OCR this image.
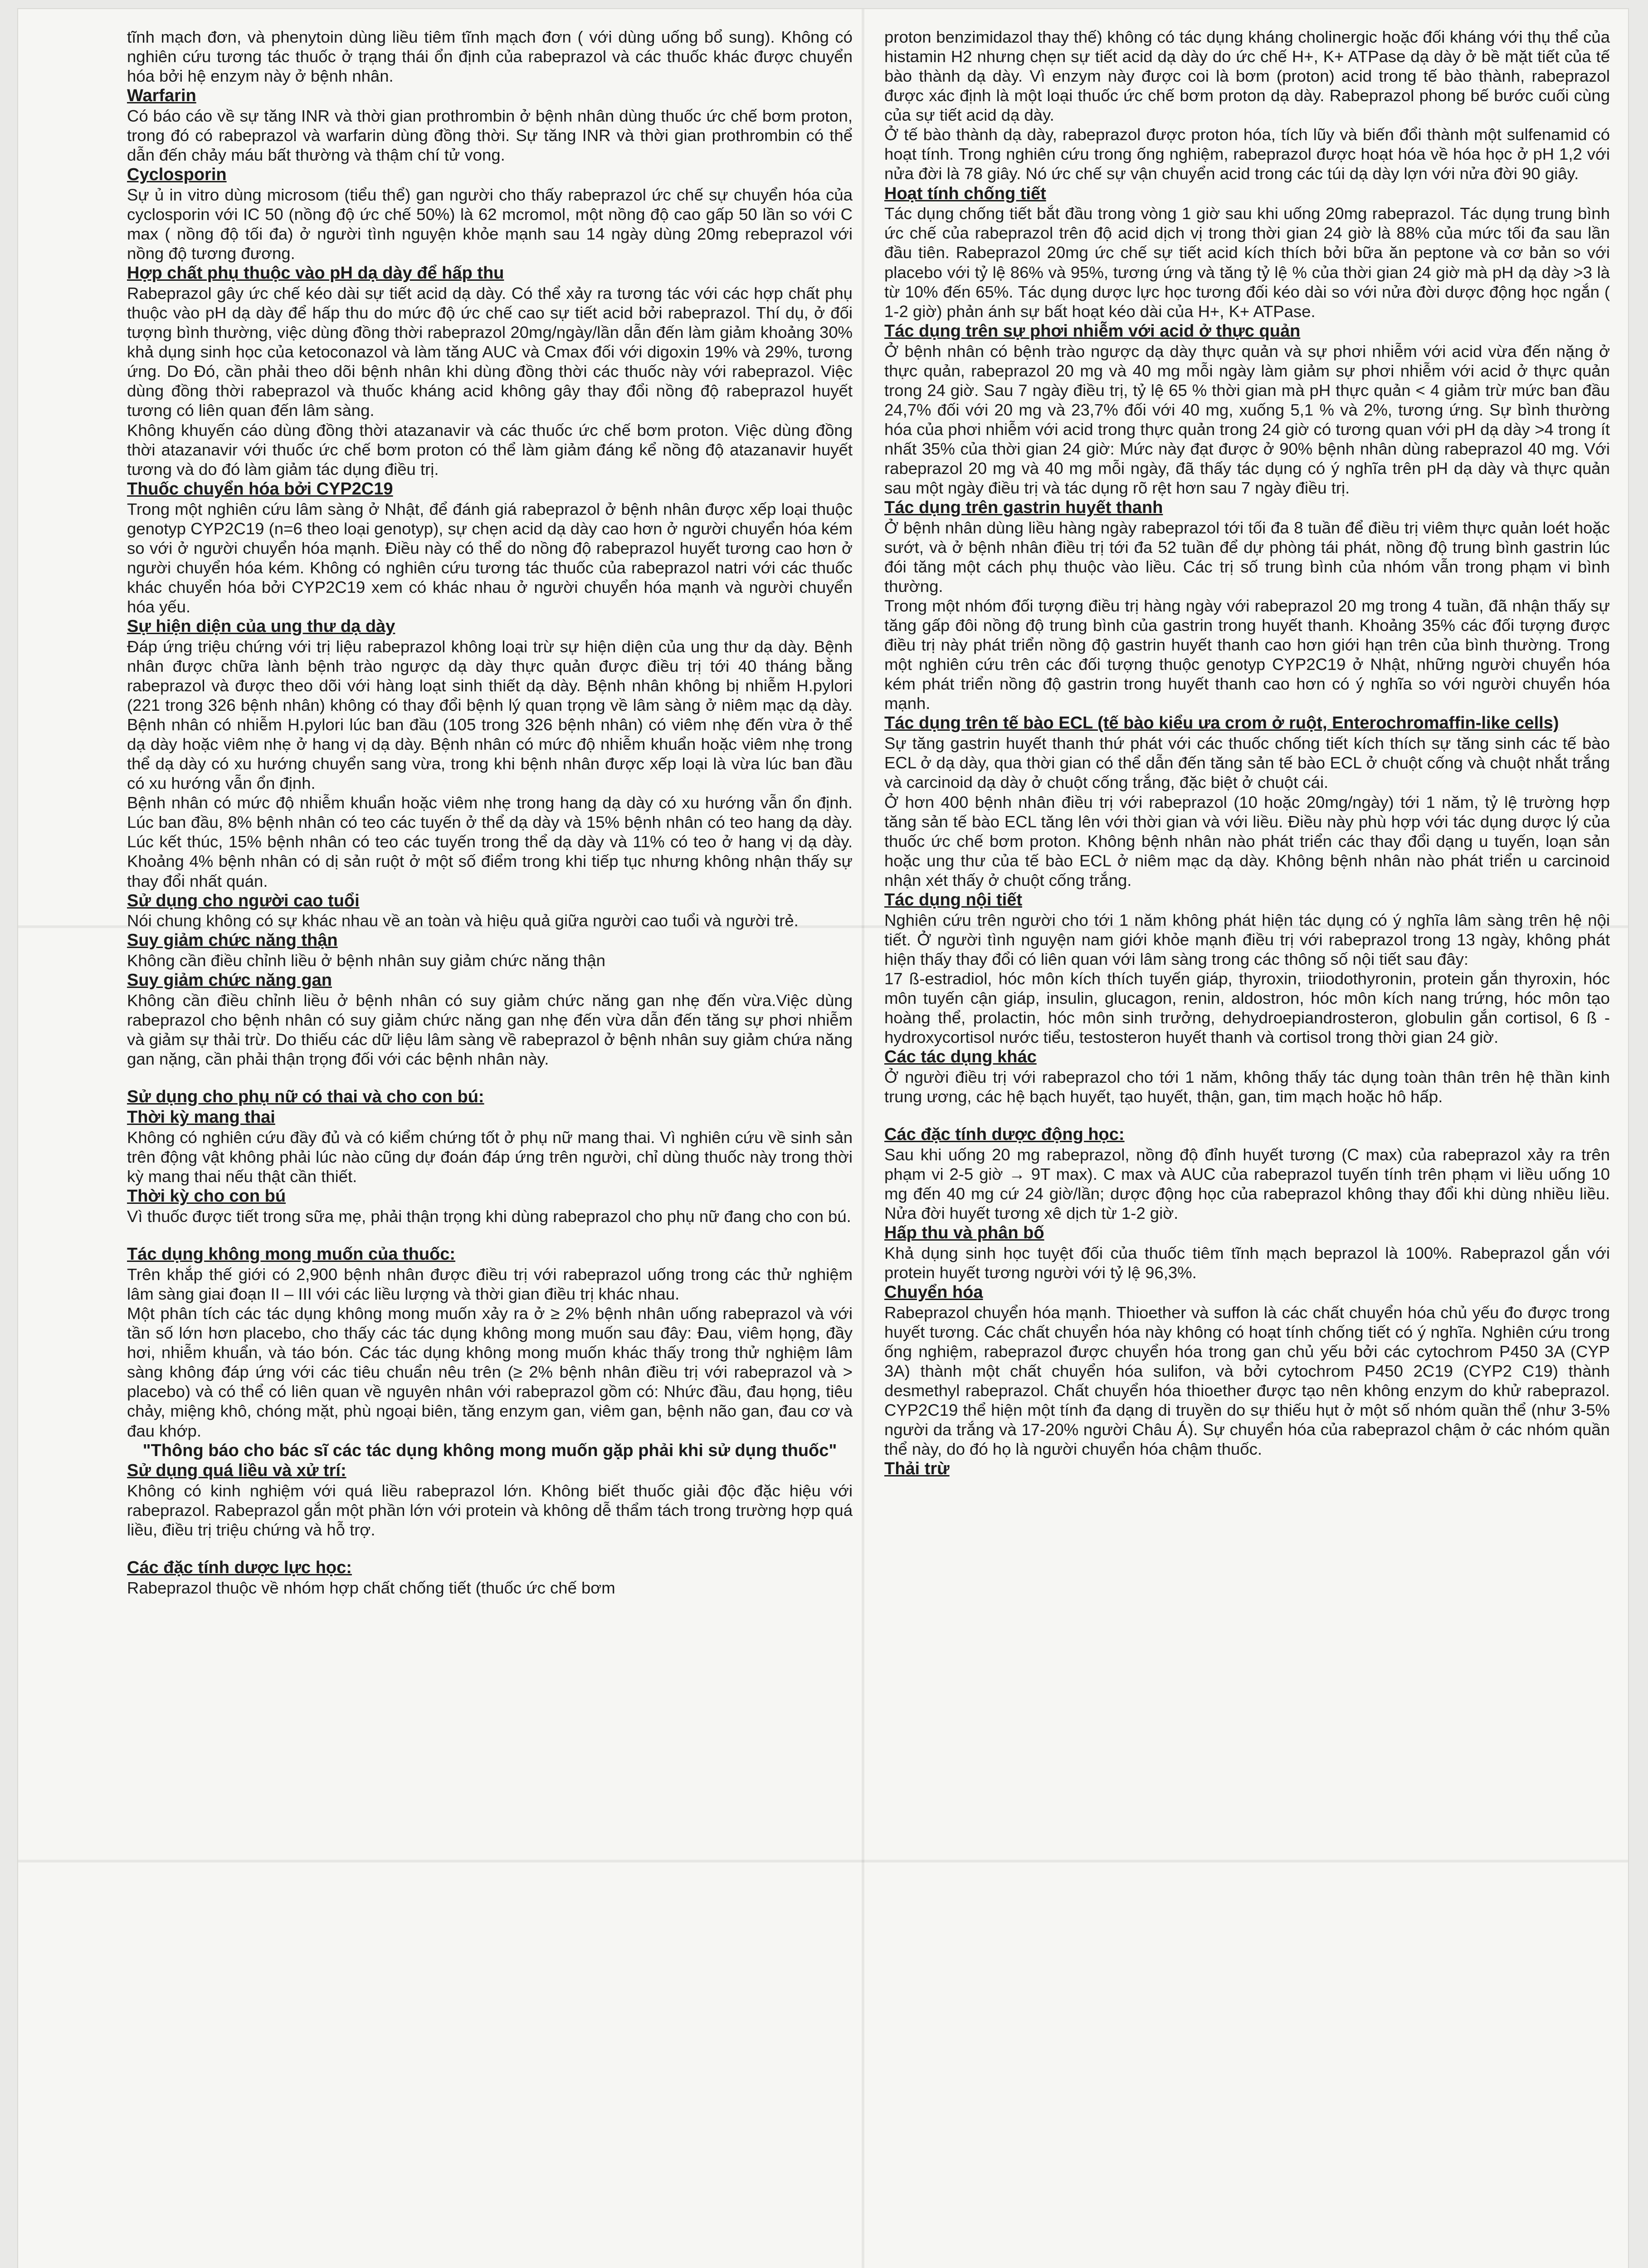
tĩnh mạch đơn, và phenytoin dùng liều tiêm tĩnh mạch đơn ( với dùng uống bổ sung). Không có nghiên cứu tương tác thuốc ở trạng thái ổn định của rabeprazol và các thuốc khác được chuyển hóa bởi hệ enzym này ở bệnh nhân.

Warfarin

Có báo cáo về sự tăng INR và thời gian prothrombin ở bệnh nhân dùng thuốc ức chế bơm proton, trong đó có rabeprazol và warfarin dùng đồng thời. Sự tăng INR và thời gian prothrombin có thể dẫn đến chảy máu bất thường và thậm chí tử vong.

Cyclosporin

Sự ủ in vitro dùng microsom (tiểu thể) gan người cho thấy rabeprazol ức chế sự chuyển hóa của cyclosporin với IC 50 (nồng độ ức chế 50%) là 62 mcromol, một nồng độ cao gấp 50 lần so với C max ( nồng độ tối đa) ở người tình nguyện khỏe mạnh sau 14 ngày dùng 20mg rebeprazol với nồng độ tương đương.

Hợp chất phụ thuộc vào pH dạ dày để hấp thu

Rabeprazol gây ức chế kéo dài sự tiết acid dạ dày. Có thể xảy ra tương tác với các hợp chất phụ thuộc vào pH dạ dày để hấp thu do mức độ ức chế cao sự tiết acid bởi rabeprazol. Thí dụ, ở đối tượng bình thường, việc dùng đồng thời rabeprazol 20mg/ngày/lần dẫn đến làm giảm khoảng 30% khả dụng sinh học của ketoconazol và làm tăng AUC và Cmax đối với digoxin 19% và 29%, tương ứng. Do Đó, cần phải theo dõi bệnh nhân khi dùng đồng thời các thuốc này với rabeprazol. Việc dùng đồng thời rabeprazol và thuốc kháng acid không gây thay đổi nồng độ rabeprazol huyết tương có liên quan đến lâm sàng.

Không khuyến cáo dùng đồng thời atazanavir và các thuốc ức chế bơm proton. Việc dùng đồng thời atazanavir với thuốc ức chế bơm proton có thể làm giảm đáng kể nồng độ atazanavir huyết tương và do đó làm giảm tác dụng điều trị.

Thuốc chuyển hóa bởi CYP2C19

Trong một nghiên cứu lâm sàng ở Nhật, để đánh giá rabeprazol ở bệnh nhân được xếp loại thuộc genotyp CYP2C19 (n=6 theo loại genotyp), sự chẹn acid dạ dày cao hơn ở người chuyển hóa kém so với ở người chuyển hóa mạnh. Điều này có thể do nồng độ rabeprazol huyết tương cao hơn ở người chuyển hóa kém. Không có nghiên cứu tương tác thuốc của rabeprazol natri với các thuốc khác chuyển hóa bởi CYP2C19 xem có khác nhau ở người chuyển hóa mạnh và người chuyển hóa yếu.

Sự hiện diện của ung thư dạ dày

Đáp ứng triệu chứng với trị liệu rabeprazol không loại trừ sự hiện diện của ung thư dạ dày. Bệnh nhân được chữa lành bệnh trào ngược dạ dày thực quản được điều trị tới 40 tháng bằng rabeprazol và được theo dõi với hàng loạt sinh thiết dạ dày. Bệnh nhân không bị nhiễm H.pylori (221 trong 326 bệnh nhân) không có thay đổi bệnh lý quan trọng về lâm sàng ở niêm mạc dạ dày. Bệnh nhân có nhiễm H.pylori lúc ban đầu (105 trong 326 bệnh nhân) có viêm nhẹ đến vừa ở thể dạ dày hoặc viêm nhẹ ở hang vị dạ dày. Bệnh nhân có mức độ nhiễm khuẩn hoặc viêm nhẹ trong thể dạ dày có xu hướng chuyển sang vừa, trong khi bệnh nhân được xếp loại là vừa lúc ban đầu có xu hướng vẫn ổn định.

Bệnh nhân có mức độ nhiễm khuẩn hoặc viêm nhẹ trong hang dạ dày có xu hướng vẫn ổn định. Lúc ban đầu, 8% bệnh nhân có teo các tuyến ở thể dạ dày và 15% bệnh nhân có teo hang dạ dày. Lúc kết thúc, 15% bệnh nhân có teo các tuyến trong thể dạ dày và 11% có teo ở hang vị dạ dày. Khoảng 4% bệnh nhân có dị sản ruột ở một số điểm trong khi tiếp tục nhưng không nhận thấy sự thay đổi nhất quán.

Sử dụng cho người cao tuổi

Nói chung không có sự khác nhau về an toàn và hiệu quả giữa người cao tuổi và người trẻ.

Suy giảm chức năng thận

Không cần điều chỉnh liều ở bệnh nhân suy giảm chức năng thận

Suy giảm chức năng gan

Không cần điều chỉnh liều ở bệnh nhân có suy giảm chức năng gan nhẹ đến vừa.Việc dùng rabeprazol cho bệnh nhân có suy giảm chức năng gan nhẹ đến vừa dẫn đến tăng sự phơi nhiễm và giảm sự thải trừ. Do thiếu các dữ liệu lâm sàng về rabeprazol ở bệnh nhân suy giảm chứa năng gan nặng, cần phải thận trọng đối với các bệnh nhân này.

Sử dụng cho phụ nữ có thai và cho con bú:
Thời kỳ mang thai

Không có nghiên cứu đầy đủ và có kiểm chứng tốt ở phụ nữ mang thai. Vì nghiên cứu về sinh sản trên động vật không phải lúc nào cũng dự đoán đáp ứng trên người, chỉ dùng thuốc này trong thời kỳ mang thai nếu thật cần thiết.

Thời kỳ cho con bú

Vì thuốc được tiết trong sữa mẹ, phải thận trọng khi dùng rabeprazol cho phụ nữ đang cho con bú.

Tác dụng không mong muốn của thuốc:

Trên khắp thế giới có 2,900 bệnh nhân được điều trị với rabeprazol uống trong các thử nghiệm lâm sàng giai đoạn II – III với các liều lượng và thời gian điều trị khác nhau.

Một phân tích các tác dụng không mong muốn xảy ra ở ≥ 2% bệnh nhân uống rabeprazol và với tần số lớn hơn placebo, cho thấy các tác dụng không mong muốn sau đây: Đau, viêm họng, đầy hơi, nhiễm khuẩn, và táo bón. Các tác dụng không mong muốn khác thấy trong thử nghiệm lâm sàng không đáp ứng với các tiêu chuẩn nêu trên (≥ 2% bệnh nhân điều trị với rabeprazol và > placebo) và có thể có liên quan về nguyên nhân với rabeprazol gồm có: Nhức đầu, đau họng, tiêu chảy, miệng khô, chóng mặt, phù ngoại biên, tăng enzym gan, viêm gan, bệnh não gan, đau cơ và đau khớp.

"Thông báo cho bác sĩ các tác dụng không mong muốn gặp phải khi sử dụng thuốc"
Sử dụng quá liều và xử trí:

Không có kinh nghiệm với quá liều rabeprazol lớn. Không biết thuốc giải độc đặc hiệu với rabeprazol. Rabeprazol gắn một phần lớn với protein và không dễ thẩm tách trong trường hợp quá liều, điều trị triệu chứng và hỗ trợ.

Các đặc tính dược lực học:

Rabeprazol thuộc về nhóm hợp chất chống tiết (thuốc ức chế bơm

proton benzimidazol thay thế) không có tác dụng kháng cholinergic hoặc đối kháng với thụ thể của histamin H2 nhưng chẹn sự tiết acid dạ dày do ức chế H+, K+ ATPase dạ dày ở bề mặt tiết của tế bào thành dạ dày. Vì enzym này được coi là bơm (proton) acid trong tế bào thành, rabeprazol được xác định là một loại thuốc ức chế bơm proton dạ dày. Rabeprazol phong bế bước cuối cùng của sự tiết acid dạ dày.

Ở tế bào thành dạ dày, rabeprazol được proton hóa, tích lũy và biến đổi thành một sulfenamid có hoạt tính. Trong nghiên cứu trong ống nghiệm, rabeprazol được hoạt hóa về hóa học ở pH 1,2 với nửa đời là 78 giây. Nó ức chế sự vận chuyển acid trong các túi dạ dày lợn với nửa đời 90 giây.

Hoạt tính chống tiết

Tác dụng chống tiết bắt đầu trong vòng 1 giờ sau khi uống 20mg rabeprazol. Tác dụng trung bình ức chế của rabeprazol trên độ acid dịch vị trong thời gian 24 giờ là 88% của mức tối đa sau lần đầu tiên. Rabeprazol 20mg ức chế sự tiết acid kích thích bởi bữa ăn peptone và cơ bản so với placebo với tỷ lệ 86% và 95%, tương ứng và tăng tỷ lệ % của thời gian 24 giờ mà pH dạ dày >3 là từ 10% đến 65%. Tác dụng dược lực học tương đối kéo dài so với nửa đời dược động học ngắn ( 1-2 giờ) phản ánh sự bất hoạt kéo dài của H+, K+ ATPase.

Tác dụng trên sự phơi nhiễm với acid ở thực quản

Ở bệnh nhân có bệnh trào ngược dạ dày thực quản và sự phơi nhiễm với acid vừa đến nặng ở thực quản, rabeprazol 20 mg và 40 mg mỗi ngày làm giảm sự phơi nhiễm với acid ở thực quản trong 24 giờ. Sau 7 ngày điều trị, tỷ lệ 65 % thời gian mà pH thực quản < 4 giảm trừ mức ban đầu 24,7% đối với 20 mg và 23,7% đối với 40 mg, xuống 5,1 % và 2%, tương ứng. Sự bình thường hóa của phơi nhiễm với acid trong thực quản trong 24 giờ có tương quan với pH dạ dày >4 trong ít nhất 35% của thời gian 24 giờ: Mức này đạt được ở 90% bệnh nhân dùng rabeprazol 40 mg. Với rabeprazol 20 mg và 40 mg mỗi ngày, đã thấy tác dụng có ý nghĩa trên pH dạ dày và thực quản sau một ngày điều trị và tác dụng rõ rệt hơn sau 7 ngày điều trị.

Tác dụng trên gastrin huyết thanh

Ở bệnh nhân dùng liều hàng ngày rabeprazol tới tối đa 8 tuần để điều trị viêm thực quản loét hoặc sướt, và ở bệnh nhân điều trị tới đa 52 tuần để dự phòng tái phát, nồng độ trung bình gastrin lúc đói tăng một cách phụ thuộc vào liều. Các trị số trung bình của nhóm vẫn trong phạm vi bình thường.

Trong một nhóm đối tượng điều trị hàng ngày với rabeprazol 20 mg trong 4 tuần, đã nhận thấy sự tăng gấp đôi nồng độ trung bình của gastrin trong huyết thanh. Khoảng 35% các đối tượng được điều trị này phát triển nồng độ gastrin huyết thanh cao hơn giới hạn trên của bình thường. Trong một nghiên cứu trên các đối tượng thuộc genotyp CYP2C19 ở Nhật, những người chuyển hóa kém phát triển nồng độ gastrin trong huyết thanh cao hơn có ý nghĩa so với người chuyển hóa mạnh.

Tác dụng trên tế bào ECL (tế bào kiểu ưa crom ở ruột, Enterochromaffin-like cells)

Sự tăng gastrin huyết thanh thứ phát với các thuốc chống tiết kích thích sự tăng sinh các tế bào ECL ở dạ dày, qua thời gian có thể dẫn đến tăng sản tế bào ECL ở chuột cống và chuột nhắt trắng và carcinoid dạ dày ở chuột cống trắng, đặc biệt ở chuột cái.

Ở hơn 400 bệnh nhân điều trị với rabeprazol (10 hoặc 20mg/ngày) tới 1 năm, tỷ lệ trường hợp tăng sản tế bào ECL tăng lên với thời gian và với liều. Điều này phù hợp với tác dụng dược lý của thuốc ức chế bơm proton. Không bệnh nhân nào phát triển các thay đổi dạng u tuyến, loạn sản hoặc ung thư của tế bào ECL ở niêm mạc dạ dày. Không bệnh nhân nào phát triển u carcinoid nhận xét thấy ở chuột cống trắng.

Tác dụng nội tiết

Nghiên cứu trên người cho tới 1 năm không phát hiện tác dụng có ý nghĩa lâm sàng trên hệ nội tiết. Ở người tình nguyện nam giới khỏe mạnh điều trị với rabeprazol trong 13 ngày, không phát hiện thấy thay đổi có liên quan với lâm sàng trong các thông số nội tiết sau đây:

17 ß-estradiol, hóc môn kích thích tuyến giáp, thyroxin, triiodothyronin, protein gắn thyroxin, hóc môn tuyến cận giáp, insulin, glucagon, renin, aldostron, hóc môn kích nang trứng, hóc môn tạo hoàng thể, prolactin, hóc môn sinh trưởng, dehydroepiandrosteron, globulin gắn cortisol, 6 ß - hydroxycortisol nước tiểu, testosteron huyết thanh và cortisol trong thời gian 24 giờ.

Các tác dụng khác

Ở người điều trị với rabeprazol cho tới 1 năm, không thấy tác dụng toàn thân trên hệ thần kinh trung ương, các hệ bạch huyết, tạo huyết, thận, gan, tim mạch hoặc hô hấp.

Các đặc tính dược động học:

Sau khi uống 20 mg rabeprazol, nồng độ đỉnh huyết tương (C max) của rabeprazol xảy ra trên phạm vi 2-5 giờ → 9T max). C max và AUC của rabeprazol tuyến tính trên phạm vi liều uống 10 mg đến 40 mg cứ 24 giờ/lần; dược động học của rabeprazol không thay đổi khi dùng nhiều liều. Nửa đời huyết tương xê dịch từ 1-2 giờ.

Hấp thu và phân bố

Khả dụng sinh học tuyệt đối của thuốc tiêm tĩnh mạch beprazol là 100%. Rabeprazol gắn với protein huyết tương người với tỷ lệ 96,3%.

Chuyển hóa

Rabeprazol chuyển hóa mạnh. Thioether và suffon là các chất chuyển hóa chủ yếu đo được trong huyết tương. Các chất chuyển hóa này không có hoạt tính chống tiết có ý nghĩa. Nghiên cứu trong ống nghiệm, rabeprazol được chuyển hóa trong gan chủ yếu bởi các cytochrom P450 3A (CYP 3A) thành một chất chuyển hóa sulifon, và bởi cytochrom P450 2C19 (CYP2 C19) thành desmethyl rabeprazol. Chất chuyển hóa thioether được tạo nên không enzym do khử rabeprazol. CYP2C19 thể hiện một tính đa dạng di truyền do sự thiếu hụt ở một số nhóm quần thể (như 3-5% người da trắng và 17-20% người Châu Á). Sự chuyển hóa của rabeprazol chậm ở các nhóm quần thể này, do đó họ là người chuyển hóa chậm thuốc.

Thải trừ
